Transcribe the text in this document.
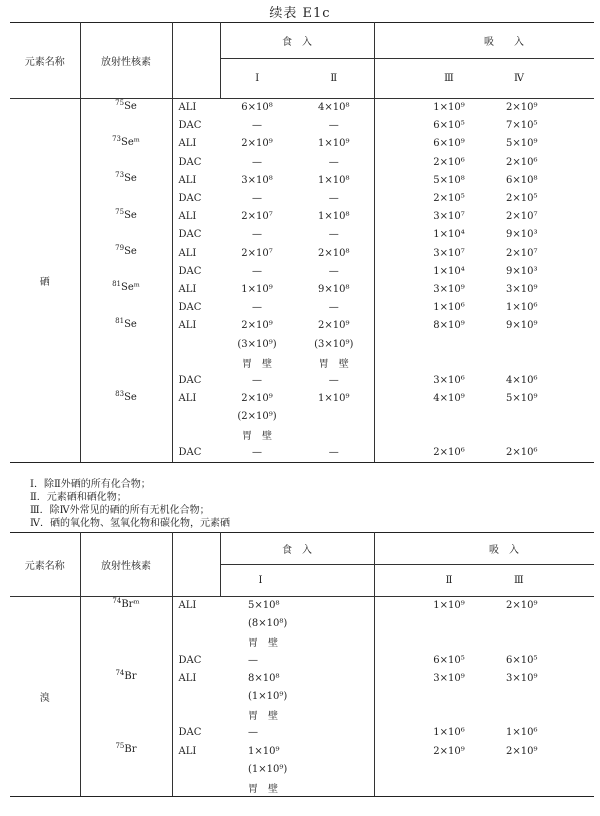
续表 E1c
元素名称	放射性核素		食　入			吸　　入	
			Ⅰ	Ⅱ		Ⅲ	Ⅳ
硒	$^{75}$Se	ALI	6×10⁸	4×10⁸		1×10⁹	2×10⁹
		DAC	—	—		6×10⁵	7×10⁵
	$^{73}$Seᵐ	ALI	2×10⁹	1×10⁹		6×10⁹	5×10⁹
		DAC	—	—		2×10⁶	2×10⁶
	$^{73}$Se	ALI	3×10⁸	1×10⁸		5×10⁸	6×10⁸
		DAC	—	—		2×10⁵	2×10⁵
	$^{75}$Se	ALI	2×10⁷	1×10⁸		3×10⁷	2×10⁷
		DAC	—	—		1×10⁴	9×10³
	$^{79}$Se	ALI	2×10⁷	2×10⁸		3×10⁷	2×10⁷
		DAC	—	—		1×10⁴	9×10³
	$^{81}$Seᵐ	ALI	1×10⁹	9×10⁸		3×10⁹	3×10⁹
		DAC	—	—		1×10⁶	1×10⁶
	$^{81}$Se	ALI	2×10⁹	2×10⁹		8×10⁹	9×10⁹
			(3×10⁹)	(3×10⁹)			
			胃　壁	胃　壁			
		DAC	—	—		3×10⁶	4×10⁶
	$^{83}$Se	ALI	2×10⁹	1×10⁹		4×10⁹	5×10⁹
			(2×10⁹)				
			胃　壁				
		DAC	—	—		2×10⁶	2×10⁶
Ⅰ．除Ⅱ外硒的所有化合物；
Ⅱ．元素硒和硒化物；
Ⅲ．除Ⅳ外常见的硒的所有无机化合物；
Ⅳ．硒的氧化物、氢氧化物和碳化物，元素硒
元素名称	放射性核素		食　入		吸　入	
			Ⅰ		Ⅱ	Ⅲ
溴	$^{74}$Brᵐ	ALI	5×10⁸		1×10⁹	2×10⁹
			(8×10⁸)			
			胃　壁			
		DAC	—		6×10⁵	6×10⁵
	$^{74}$Br	ALI	8×10⁸		3×10⁹	3×10⁹
			(1×10⁹)			
			胃　壁			
		DAC	—		1×10⁶	1×10⁶
	$^{75}$Br	ALI	1×10⁹		2×10⁹	2×10⁹
			(1×10⁹)			
			胃　壁			
